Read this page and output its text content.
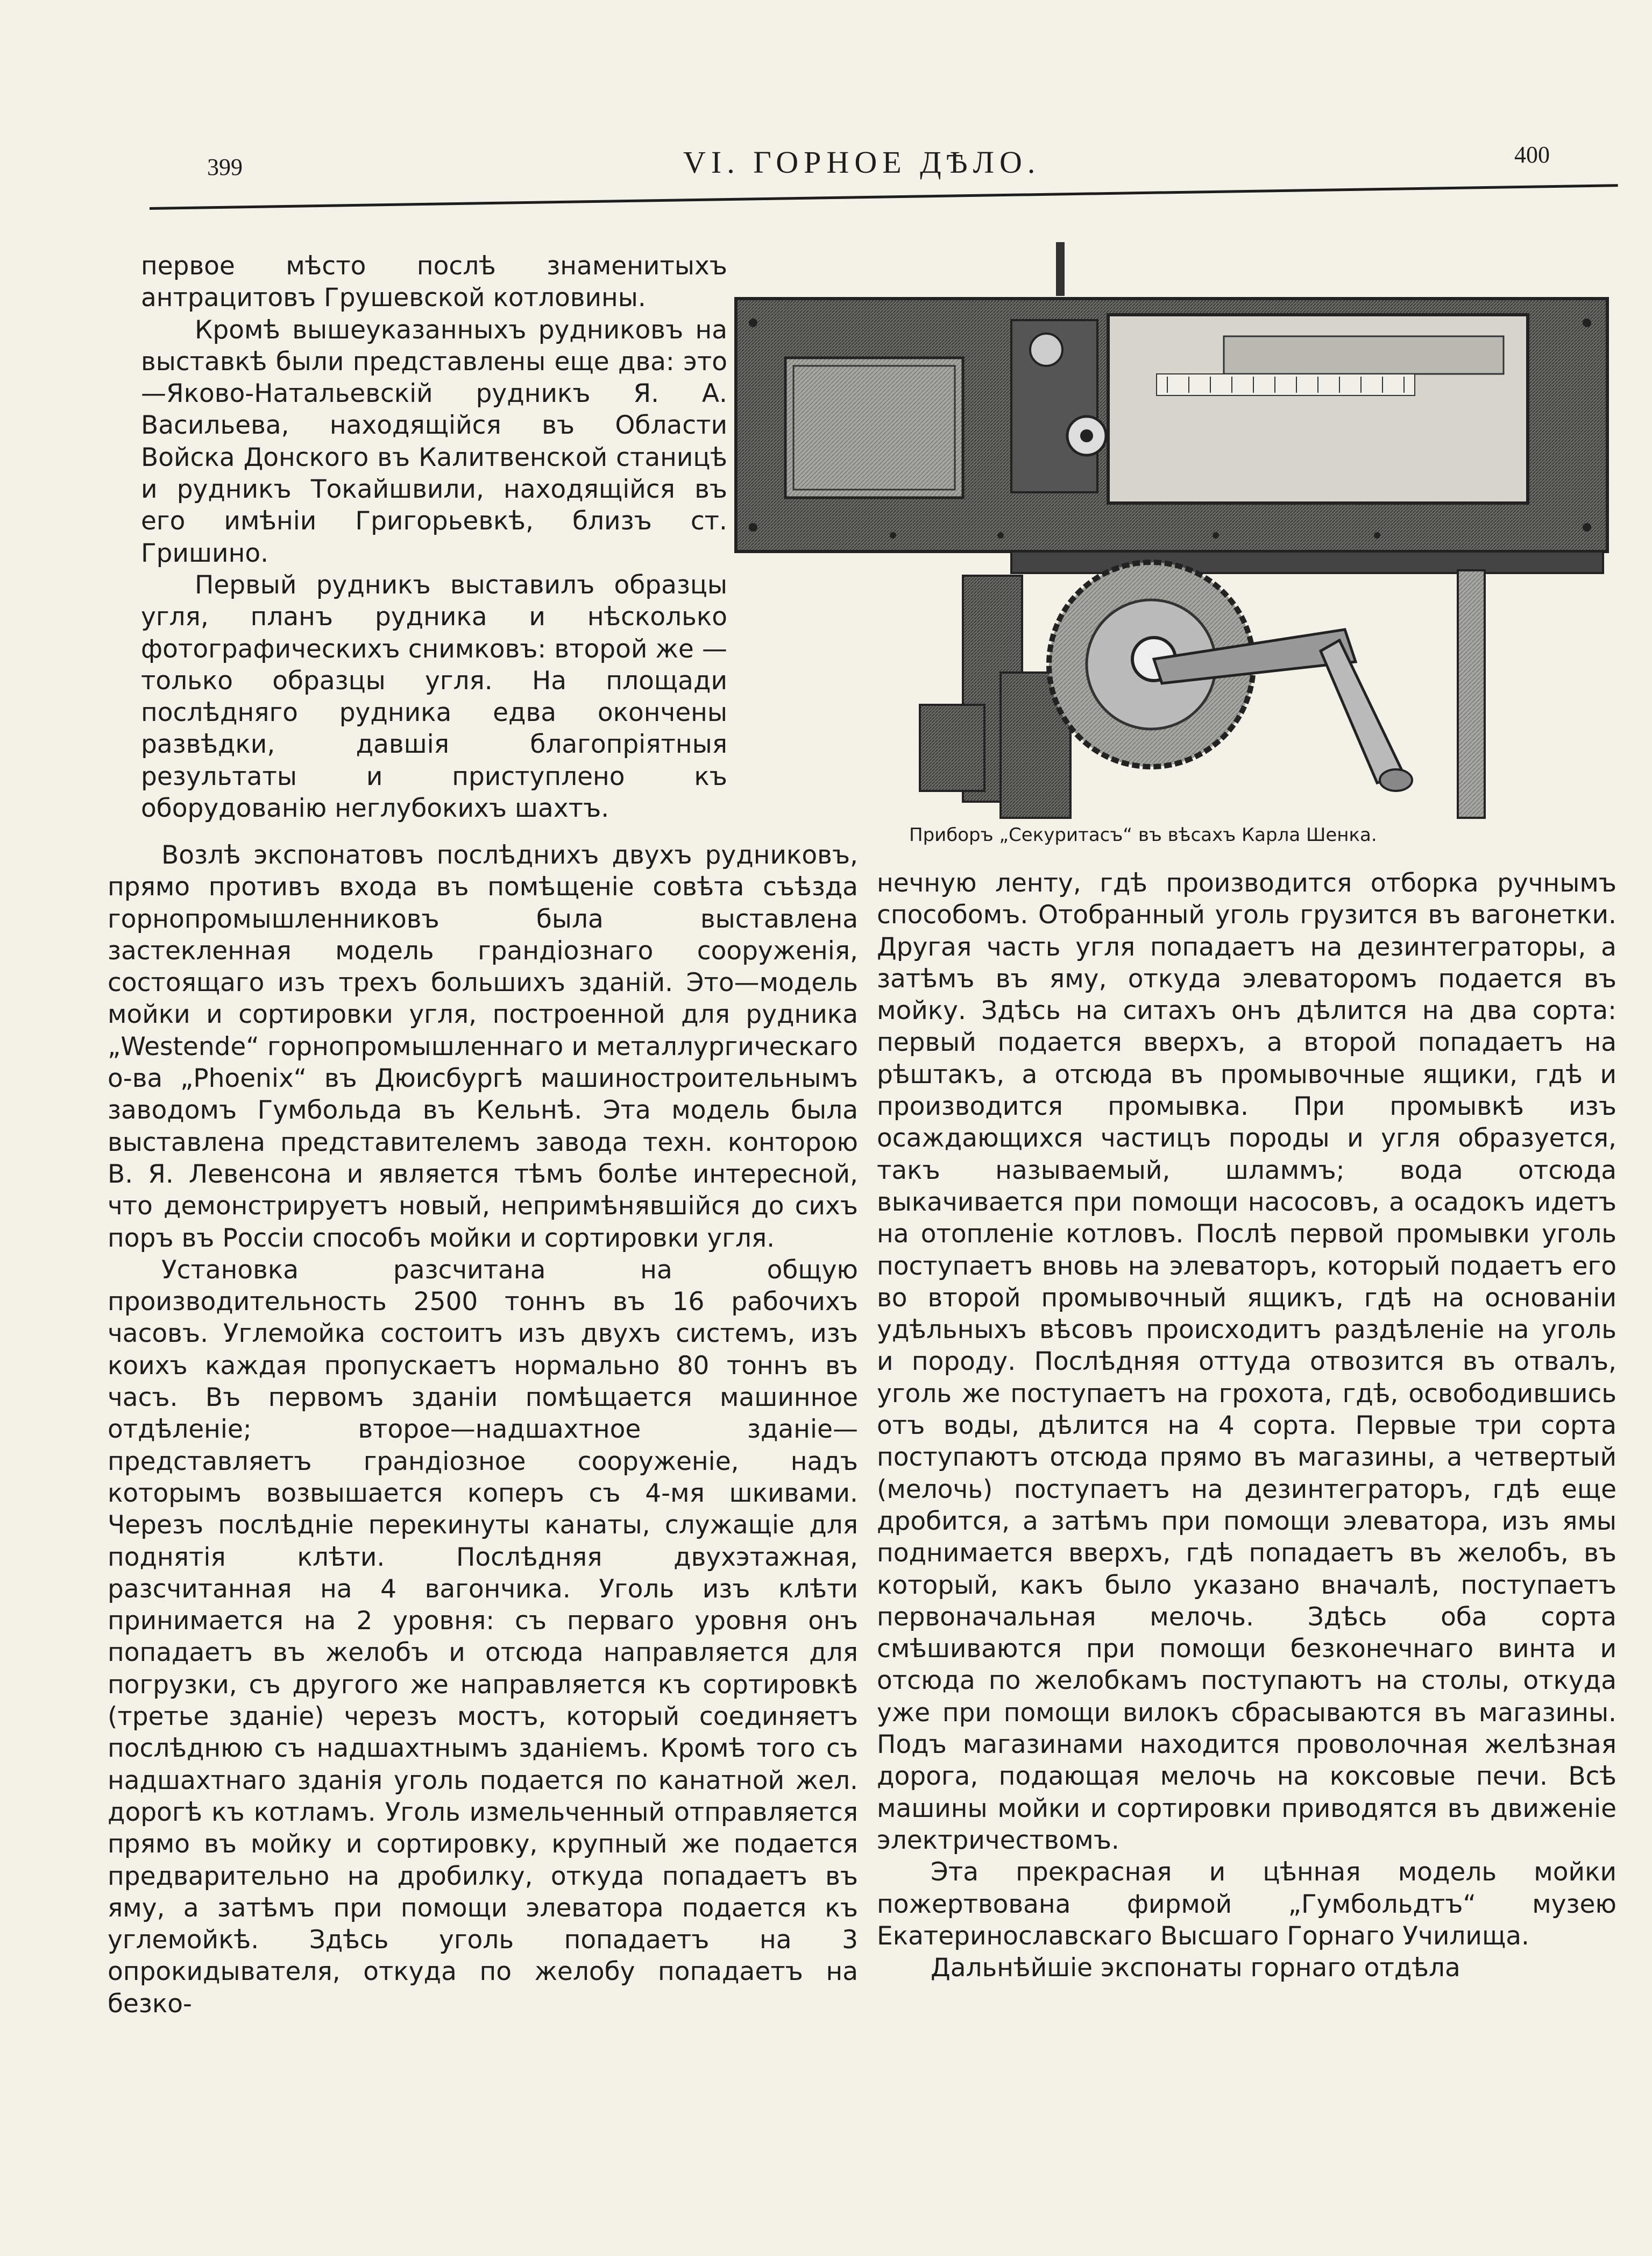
399	VI. ГОРНОЕ ДѢЛО.	400

первое мѣсто послѣ знаменитыхъ антрацитовъ Грушевской котловины.

Кромѣ вышеуказанныхъ рудниковъ на выставкѣ были представлены еще два: это—Яково-Натальевскій рудникъ Я. А. Васильева, находящійся въ Области Войска Донского въ Калитвенской станицѣ и рудникъ Токайшвили, находящійся въ его имѣніи Григорьевкѣ, близъ ст. Гришино.

Первый рудникъ выставилъ образцы угля, планъ рудника и нѣсколько фотографическихъ снимковъ: второй же —только образцы угля. На площади послѣдняго рудника едва окончены развѣдки, давшія благопріятныя результаты и приступлено къ оборудованію неглубокихъ шахтъ.

Приборъ „Секуритасъ“ въ вѣсахъ Карла Шенка.

Возлѣ экспонатовъ послѣднихъ двухъ рудниковъ, прямо противъ входа въ помѣщеніе совѣта съѣзда горнопромышленниковъ была выставлена застекленная модель грандіознаго сооруженія, состоящаго изъ трехъ большихъ зданій. Это—модель мойки и сортировки угля, построенной для рудника „Westende“ горнопромышленнаго и металлургическаго о-ва „Phoenix“ въ Дюисбургѣ машиностроительнымъ заводомъ Гумбольда въ Кельнѣ. Эта модель была выставлена представителемъ завода техн. конторою В. Я. Левенсона и является тѣмъ болѣе интересной, что демонстрируетъ новый, непримѣнявшійся до сихъ поръ въ Россіи способъ мойки и сортировки угля.

Установка разсчитана на общую производительность 2500 тоннъ въ 16 рабочихъ часовъ. Углемойка состоитъ изъ двухъ системъ, изъ коихъ каждая пропускаетъ нормально 80 тоннъ въ часъ. Въ первомъ зданіи помѣщается машинное отдѣленіе; второе—надшахтное зданіе—представляетъ грандіозное сооруженіе, надъ которымъ возвышается коперъ съ 4-мя шкивами. Черезъ послѣдніе перекинуты канаты, служащіе для поднятія клѣти. Послѣдняя двухэтажная, разсчитанная на 4 вагончика. Уголь изъ клѣти принимается на 2 уровня: съ перваго уровня онъ попадаетъ въ желобъ и отсюда направляется для погрузки, съ другого же направляется къ сортировкѣ (третье зданіе) черезъ мостъ, который соединяетъ послѣднюю съ надшахтнымъ зданіемъ. Кромѣ того съ надшахтнаго зданія уголь подается по канатной жел. дорогѣ къ котламъ. Уголь измельченный отправляется прямо въ мойку и сортировку, крупный же подается предварительно на дробилку, откуда попадаетъ въ яму, а затѣмъ при помощи элеватора подается къ углемойкѣ. Здѣсь уголь попадаетъ на 3 опрокидывателя, откуда по желобу попадаетъ на безко-

нечную ленту, гдѣ производится отборка ручнымъ способомъ. Отобранный уголь грузится въ вагонетки. Другая часть угля попадаетъ на дезинтеграторы, а затѣмъ въ яму, откуда элеваторомъ подается въ мойку. Здѣсь на ситахъ онъ дѣлится на два сорта: первый подается вверхъ, а второй попадаетъ на рѣштакъ, а отсюда въ промывочные ящики, гдѣ и производится промывка. При промывкѣ изъ осаждающихся частицъ породы и угля образуется, такъ называемый, шламмъ; вода отсюда выкачивается при помощи насосовъ, а осадокъ идетъ на отопленіе котловъ. Послѣ первой промывки уголь поступаетъ вновь на элеваторъ, который подаетъ его во второй промывочный ящикъ, гдѣ на основаніи удѣльныхъ вѣсовъ происходитъ раздѣленіе на уголь и породу. Послѣдняя оттуда отвозится въ отвалъ, уголь же поступаетъ на грохота, гдѣ, освободившись отъ воды, дѣлится на 4 сорта. Первые три сорта поступаютъ отсюда прямо въ магазины, а четвертый (мелочь) поступаетъ на дезинтеграторъ, гдѣ еще дробится, а затѣмъ при помощи элеватора, изъ ямы поднимается вверхъ, гдѣ попадаетъ въ желобъ, въ который, какъ было указано вначалѣ, поступаетъ первоначальная мелочь. Здѣсь оба сорта смѣшиваются при помощи безконечнаго винта и отсюда по желобкамъ поступаютъ на столы, откуда уже при помощи вилокъ сбрасываются въ магазины. Подъ магазинами находится проволочная желѣзная дорога, подающая мелочь на коксовые печи. Всѣ машины мойки и сортировки приводятся въ движеніе электричествомъ.

Эта прекрасная и цѣнная модель мойки пожертвована фирмой „Гумбольдтъ“ музею Екатеринославскаго Высшаго Горнаго Училища.

Дальнѣйшіе экспонаты горнаго отдѣла
